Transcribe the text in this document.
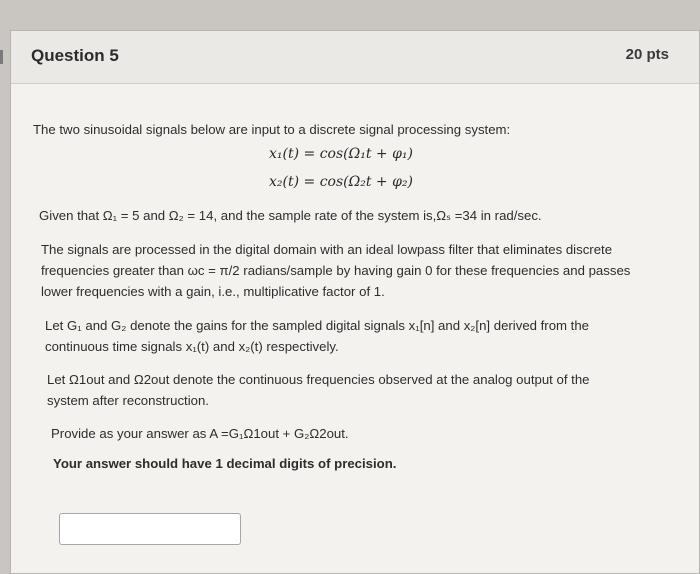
Question 5	20 pts
The two sinusoidal signals below are input to a discrete signal processing system:
x₁(t) = cos(Ω₁t + φ₁)
x₂(t) = cos(Ω₂t + φ₂)
Given that Ω₁ = 5 and Ω₂ = 14, and the sample rate of the system is,Ωₛ =34 in rad/sec.
The signals are processed in the digital domain with an ideal lowpass filter that eliminates discrete
frequencies greater than ωc = π/2 radians/sample by having gain 0 for these frequencies and passes
lower frequencies with a gain, i.e., multiplicative factor of 1.
Let G₁ and G₂ denote the gains for the sampled digital signals x₁[n] and x₂[n] derived from the
continuous time signals x₁(t) and x₂(t) respectively.
Let Ω1out and Ω2out denote the continuous frequencies observed at the analog output of the
system after reconstruction.
Provide as your answer as A =G₁Ω1out + G₂Ω2out.
Your answer should have 1 decimal digits of precision.
